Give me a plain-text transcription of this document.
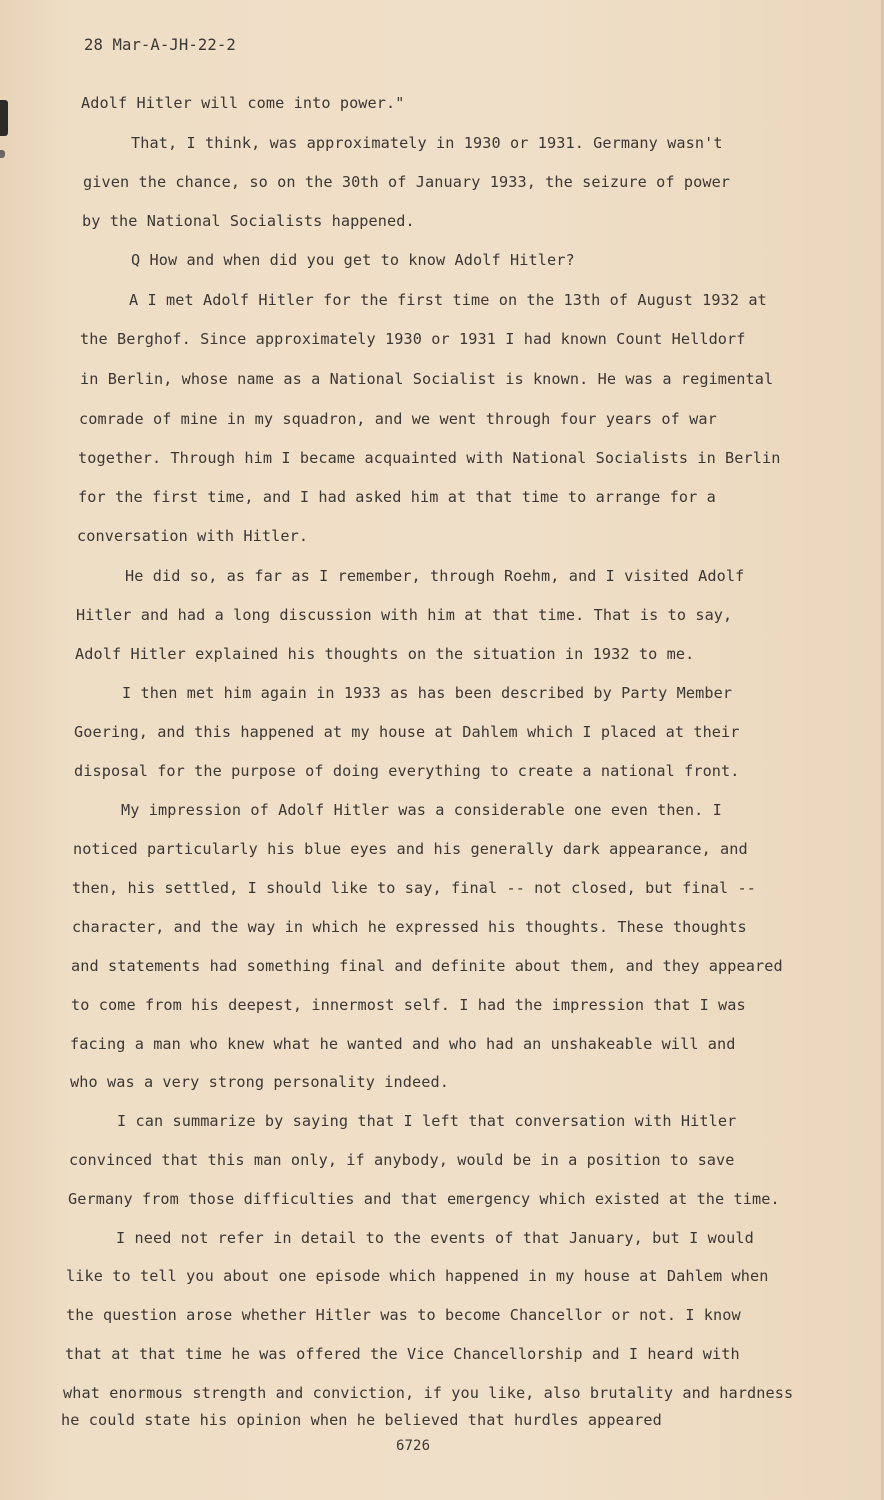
28 Mar-A-JH-22-2
Adolf Hitler will come into power."
That, I think, was approximately in 1930 or 1931. Germany wasn't
given the chance, so on the 30th of January 1933, the seizure of power
by the National Socialists happened.
Q How and when did you get to know Adolf Hitler?
A I met Adolf Hitler for the first time on the 13th of August 1932 at
the Berghof. Since approximately 1930 or 1931 I had known Count Helldorf
in Berlin, whose name as a National Socialist is known. He was a regimental
comrade of mine in my squadron, and we went through four years of war
together. Through him I became acquainted with National Socialists in Berlin
for the first time, and I had asked him at that time to arrange for a
conversation with Hitler.
He did so, as far as I remember, through Roehm, and I visited Adolf
Hitler and had a long discussion with him at that time. That is to say,
Adolf Hitler explained his thoughts on the situation in 1932 to me.
I then met him again in 1933 as has been described by Party Member
Goering, and this happened at my house at Dahlem which I placed at their
disposal for the purpose of doing everything to create a national front.
My impression of Adolf Hitler was a considerable one even then. I
noticed particularly his blue eyes and his generally dark appearance, and
then, his settled, I should like to say, final -- not closed, but final --
character, and the way in which he expressed his thoughts. These thoughts
and statements had something final and definite about them, and they appeared
to come from his deepest, innermost self. I had the impression that I was
facing a man who knew what he wanted and who had an unshakeable will and
who was a very strong personality indeed.
I can summarize by saying that I left that conversation with Hitler
convinced that this man only, if anybody, would be in a position to save
Germany from those difficulties and that emergency which existed at the time.
I need not refer in detail to the events of that January, but I would
like to tell you about one episode which happened in my house at Dahlem when
the question arose whether Hitler was to become Chancellor or not. I know
that at that time he was offered the Vice Chancellorship and I heard with
what enormous strength and conviction, if you like, also brutality and hardness
he could state his opinion when he believed that hurdles appeared
6726
